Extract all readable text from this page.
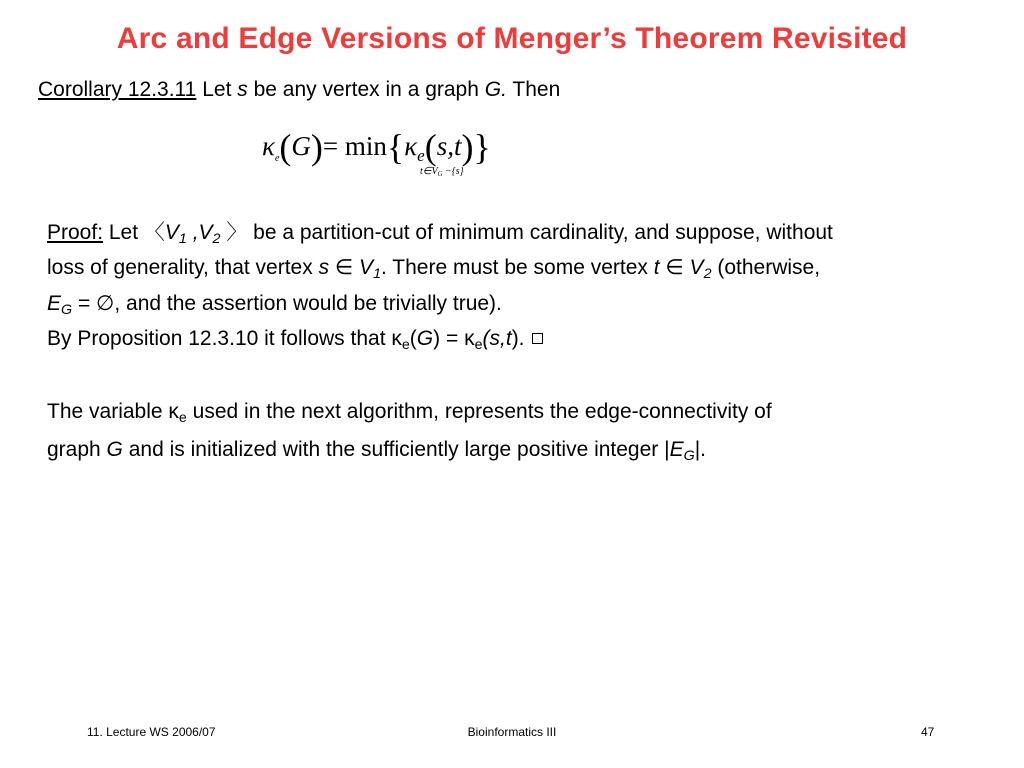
Arc and Edge Versions of Menger’s Theorem Revisited
Corollary 12.3.11 Let s be any vertex in a graph G. Then
$\kappa_e(G)= \min\{\kappa_e(s,t)\}$
$t\in V_G -\{s\}$
Proof: Let 〈$V_1$ $,V_2$ 〉 be a partition-cut of minimum cardinality, and suppose, without
loss of generality, that vertex s ∈ $V_1$. There must be some vertex t ∈ $V_2$ (otherwise,
$E_G$ = ∅, and the assertion would be trivially true).
By Proposition 12.3.10 it follows that $\kappa_e(G) = \kappa_e(s,t)$.
The variable $\kappa_e$ used in the next algorithm, represents the edge-connectivity of
graph G and is initialized with the sufficiently large positive integer $|E_G|$.
11. Lecture WS 2006/07	Bioinformatics III	47
